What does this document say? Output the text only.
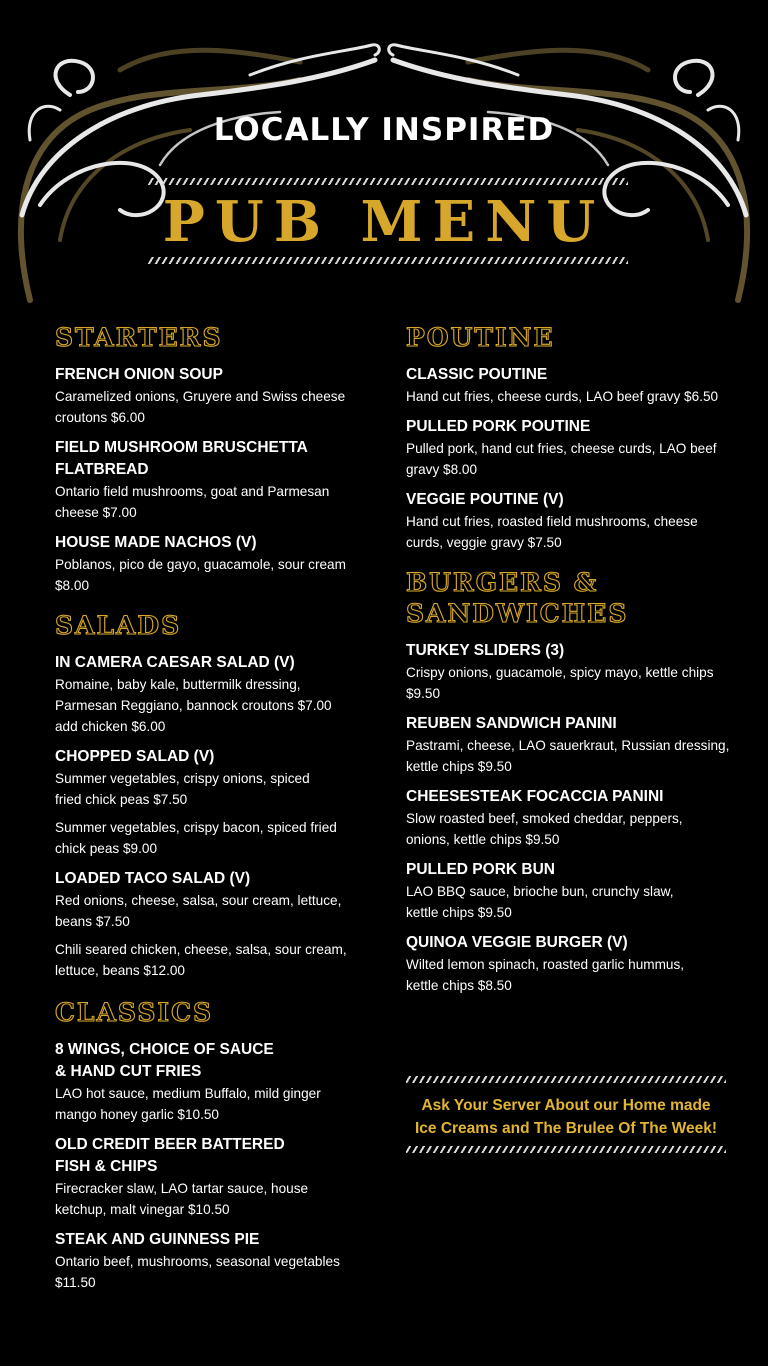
LOCALLY INSPIRED
PUB MENU
STARTERS
FRENCH ONION SOUP
Caramelized onions, Gruyere and Swiss cheese
croutons $6.00
FIELD MUSHROOM BRUSCHETTA FLATBREAD
Ontario field mushrooms, goat and Parmesan
cheese $7.00
HOUSE MADE NACHOS (V)
Poblanos, pico de gayo, guacamole, sour cream $8.00
SALADS
IN CAMERA CAESAR SALAD (V)
Romaine, baby kale, buttermilk dressing,
Parmesan Reggiano, bannock croutons $7.00
add chicken $6.00
CHOPPED SALAD (V)
Summer vegetables, crispy onions, spiced
fried chick peas $7.50
Summer vegetables, crispy bacon, spiced fried
chick peas $9.00
LOADED TACO SALAD (V)
Red onions, cheese, salsa, sour cream, lettuce,
beans $7.50
Chili seared chicken, cheese, salsa, sour cream,
lettuce, beans $12.00
CLASSICS
8 WINGS, CHOICE OF SAUCE
& HAND CUT FRIES
LAO hot sauce, medium Buffalo, mild ginger
mango honey garlic $10.50
OLD CREDIT BEER BATTERED
FISH & CHIPS
Firecracker slaw, LAO tartar sauce, house
ketchup, malt vinegar $10.50
STEAK AND GUINNESS PIE
Ontario beef, mushrooms, seasonal vegetables $11.50
POUTINE
CLASSIC POUTINE
Hand cut fries, cheese curds, LAO beef gravy $6.50
PULLED PORK POUTINE
Pulled pork, hand cut fries, cheese curds, LAO beef
gravy $8.00
VEGGIE POUTINE (V)
Hand cut fries, roasted field mushrooms, cheese
curds, veggie gravy $7.50
BURGERS &
SANDWICHES
TURKEY SLIDERS (3)
Crispy onions, guacamole, spicy mayo, kettle chips $9.50
REUBEN SANDWICH PANINI
Pastrami, cheese, LAO sauerkraut, Russian dressing,
kettle chips $9.50
CHEESESTEAK FOCACCIA PANINI
Slow roasted beef, smoked cheddar, peppers,
onions, kettle chips $9.50
PULLED PORK BUN
LAO BBQ sauce, brioche bun, crunchy slaw,
kettle chips $9.50
QUINOA VEGGIE BURGER (V)
Wilted lemon spinach, roasted garlic hummus,
kettle chips $8.50
Ask Your Server About our Home made
Ice Creams and The Brulee Of The Week!
